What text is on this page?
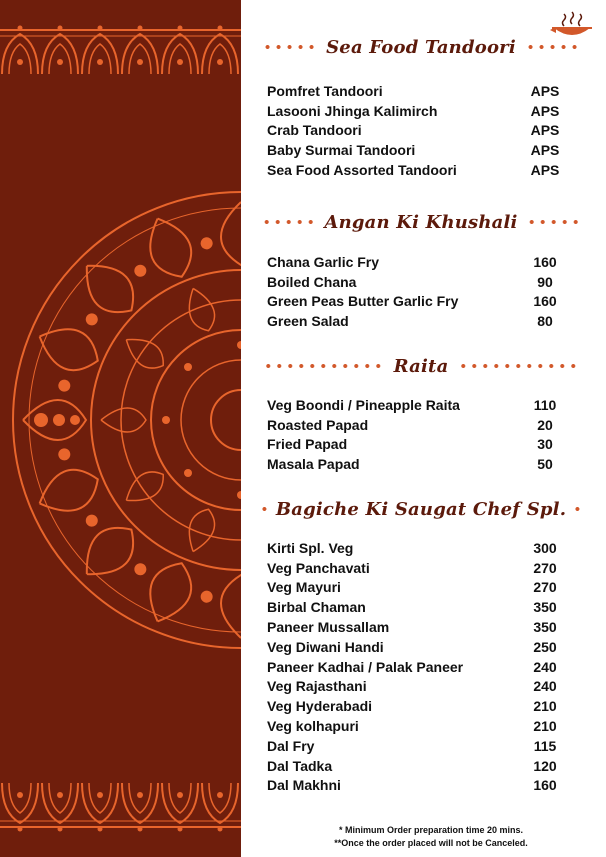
Sea Food Tandoori
Pomfret Tandoori	APS
Lasooni Jhinga Kalimirch	APS
Crab Tandoori	APS
Baby Surmai Tandoori	APS
Sea Food Assorted Tandoori	APS
Angan Ki Khushali
Chana Garlic Fry	160
Boiled Chana	90
Green Peas Butter Garlic Fry	160
Green Salad	80
Raita
Veg Boondi / Pineapple Raita	110
Roasted Papad	20
Fried Papad	30
Masala Papad	50
Bagiche Ki Saugat Chef Spl.
Kirti Spl. Veg	300
Veg Panchavati	270
Veg Mayuri	270
Birbal Chaman	350
Paneer Mussallam	350
Veg Diwani Handi	250
Paneer Kadhai / Palak Paneer	240
Veg Rajasthani	240
Veg Hyderabadi	210
Veg kolhapuri	210
Dal Fry	115
Dal Tadka	120
Dal Makhni	160
* Minimum Order preparation time 20 mins.
**Once the order placed will not be Canceled.
